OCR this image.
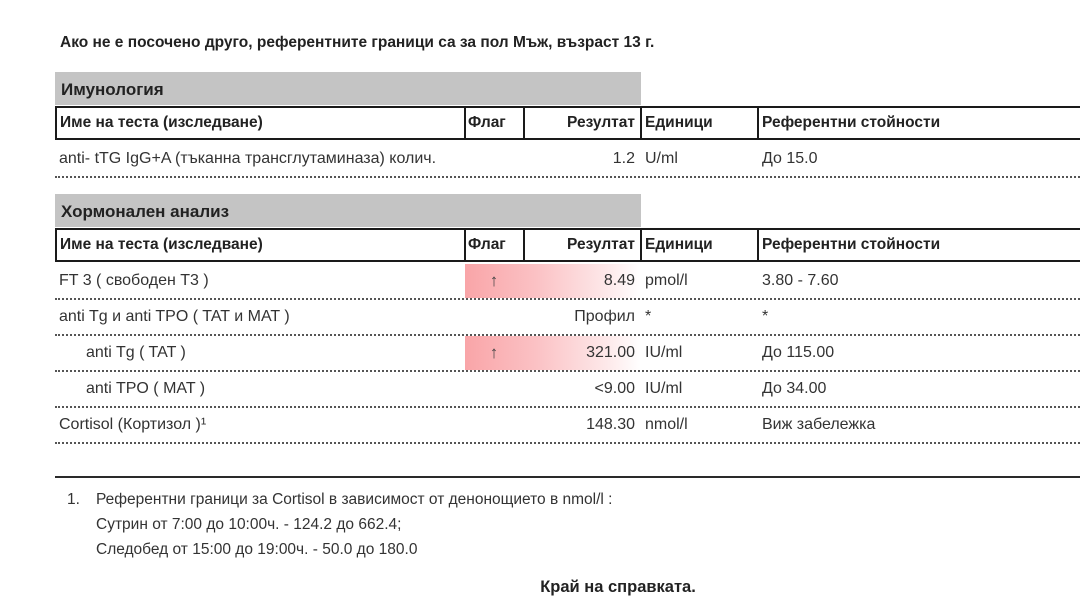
Ако не е посочено друго, референтните граници са за пол Мъж, възраст 13 г.
Имунология
Име на теста (изследване)	Флаг	Резултат Единици	Референтни стойности
anti- tTG IgG+A (тъканна трансглутаминаза) колич.	1.2 U/ml	До 15.0
Хормонален анализ
Име на теста (изследване)	Флаг	Резултат Единици	Референтни стойности
FT 3 ( свободен T3 )	↑	8.49 pmol/l	3.80 - 7.60
anti Tg и anti TPO ( TAT и MAT )	Профил *	*
anti Tg ( TAT )	↑	321.00 IU/ml	До 115.00
anti TPO ( MAT )	<9.00 IU/ml	До 34.00
Cortisol (Кортизол )¹	148.30 nmol/l	Виж забележка
1. Референтни граници за Cortisol в зависимост от денонощието в nmol/l :
Сутрин от 7:00 до 10:00ч. - 124.2 до 662.4;
Следобед от 15:00 до 19:00ч. - 50.0 до 180.0
Край на справката.
